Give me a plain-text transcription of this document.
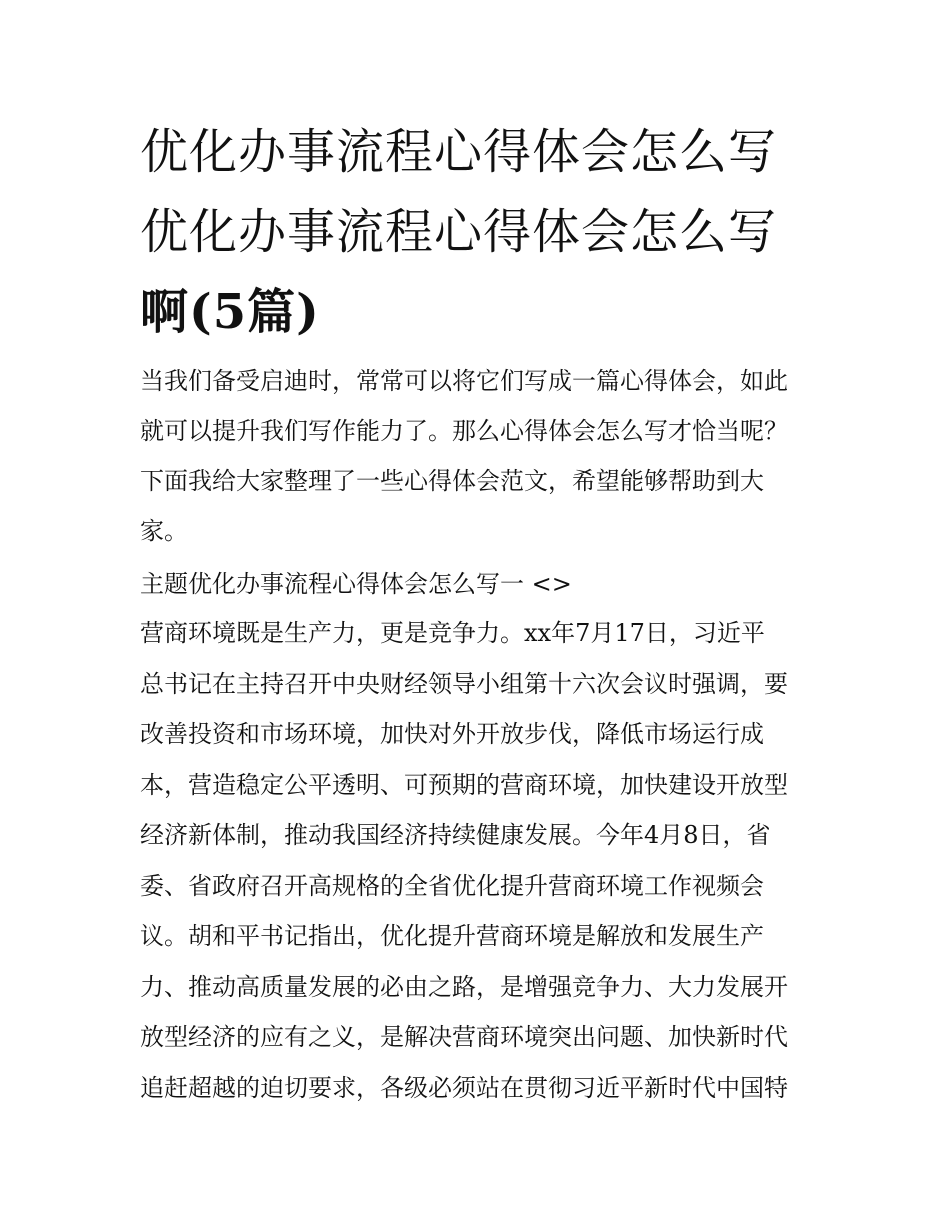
优化办事流程心得体会怎么写
优化办事流程心得体会怎么写
啊(5篇)
当我们备受启迪时，常常可以将它们写成一篇心得体会，如此
就可以提升我们写作能力了。那么心得体会怎么写才恰当呢？
下面我给大家整理了一些心得体会范文，希望能够帮助到大
家。
主题优化办事流程心得体会怎么写一 <>
营商环境既是生产力，更是竞争力。xx年7月17日，习近平
总书记在主持召开中央财经领导小组第十六次会议时强调，要
改善投资和市场环境，加快对外开放步伐，降低市场运行成
本，营造稳定公平透明、可预期的营商环境，加快建设开放型
经济新体制，推动我国经济持续健康发展。今年4月8日，省
委、省政府召开高规格的全省优化提升营商环境工作视频会
议。胡和平书记指出，优化提升营商环境是解放和发展生产
力、推动高质量发展的必由之路，是增强竞争力、大力发展开
放型经济的应有之义，是解决营商环境突出问题、加快新时代
追赶超越的迫切要求，各级必须站在贯彻习近平新时代中国特
